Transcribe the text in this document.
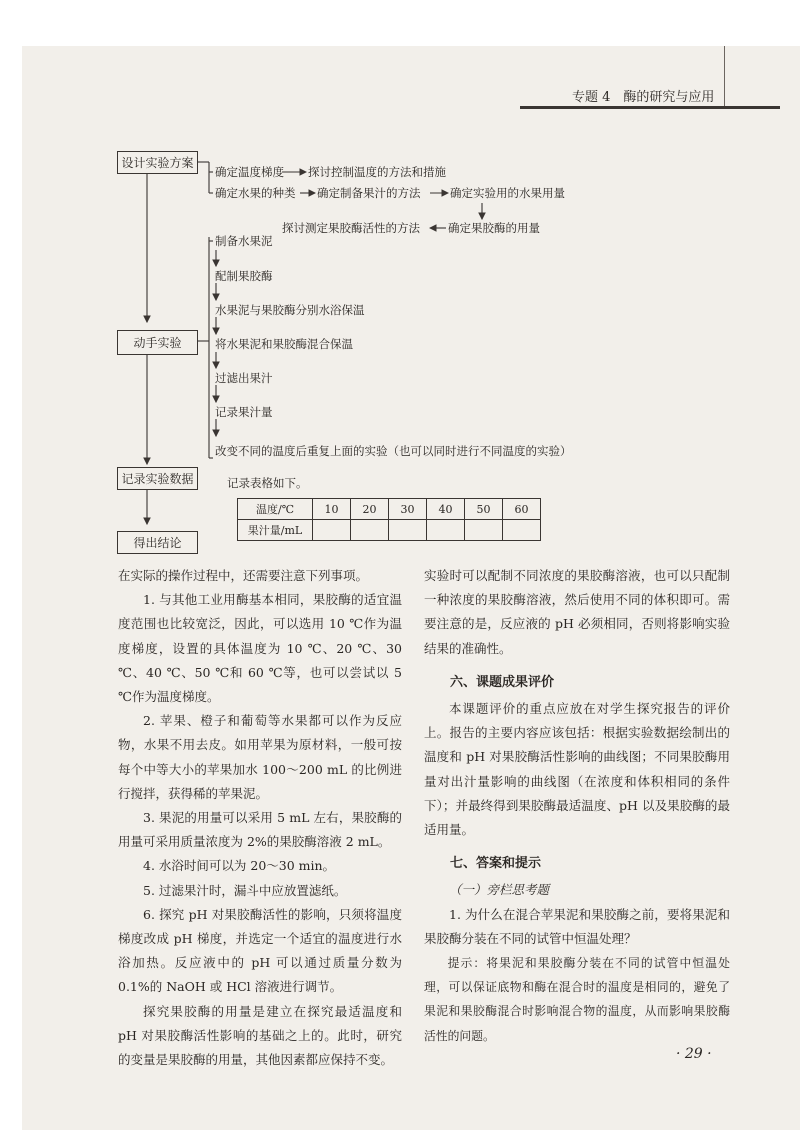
专题 4　酶的研究与应用
设计实验方案
动手实验
记录实验数据
得出结论
确定温度梯度 探讨控制温度的方法和措施
确定水果的种类 确定制备果汁的方法	确定实验用的水果用量
探讨测定果胶酶活性的方法 确定果胶酶的用量
制备水果泥
配制果胶酶
水果泥与果胶酶分别水浴保温
将水果泥和果胶酶混合保温
过滤出果汁
记录果汁量
改变不同的温度后重复上面的实验（也可以同时进行不同温度的实验）
记录表格如下。
温度/℃	10	20	30	40	50	60
果汁量/mL						

在实际的操作过程中，还需要注意下列事项。

1. 与其他工业用酶基本相同，果胶酶的适宜温度范围也比较宽泛，因此，可以选用 10 ℃作为温度梯度，设置的具体温度为 10 ℃、20 ℃、30 ℃、40 ℃、50 ℃和 60 ℃等，也可以尝试以 5 ℃作为温度梯度。

2. 苹果、橙子和葡萄等水果都可以作为反应物，水果不用去皮。如用苹果为原材料，一般可按每个中等大小的苹果加水 100～200 mL 的比例进行搅拌，获得稀的苹果泥。

3. 果泥的用量可以采用 5 mL 左右，果胶酶的用量可采用质量浓度为 2%的果胶酶溶液 2 mL。

4. 水浴时间可以为 20～30 min。

5. 过滤果汁时，漏斗中应放置滤纸。

6. 探究 pH 对果胶酶活性的影响，只须将温度梯度改成 pH 梯度，并选定一个适宜的温度进行水浴加热。反应液中的 pH 可以通过质量分数为 0.1%的 NaOH 或 HCl 溶液进行调节。

探究果胶酶的用量是建立在探究最适温度和 pH 对果胶酶活性影响的基础之上的。此时，研究的变量是果胶酶的用量，其他因素都应保持不变。

实验时可以配制不同浓度的果胶酶溶液，也可以只配制一种浓度的果胶酶溶液，然后使用不同的体积即可。需要注意的是，反应液的 pH 必须相同，否则将影响实验结果的准确性。

六、课题成果评价

本课题评价的重点应放在对学生探究报告的评价上。报告的主要内容应该包括：根据实验数据绘制出的温度和 pH 对果胶酶活性影响的曲线图；不同果胶酶用量对出汁量影响的曲线图（在浓度和体积相同的条件下）；并最终得到果胶酶最适温度、pH 以及果胶酶的最适用量。

七、答案和提示
（一）旁栏思考题

1. 为什么在混合苹果泥和果胶酶之前，要将果泥和果胶酶分装在不同的试管中恒温处理？

提示：将果泥和果胶酶分装在不同的试管中恒温处理，可以保证底物和酶在混合时的温度是相同的，避免了果泥和果胶酶混合时影响混合物的温度，从而影响果胶酶活性的问题。

· 29 ·
